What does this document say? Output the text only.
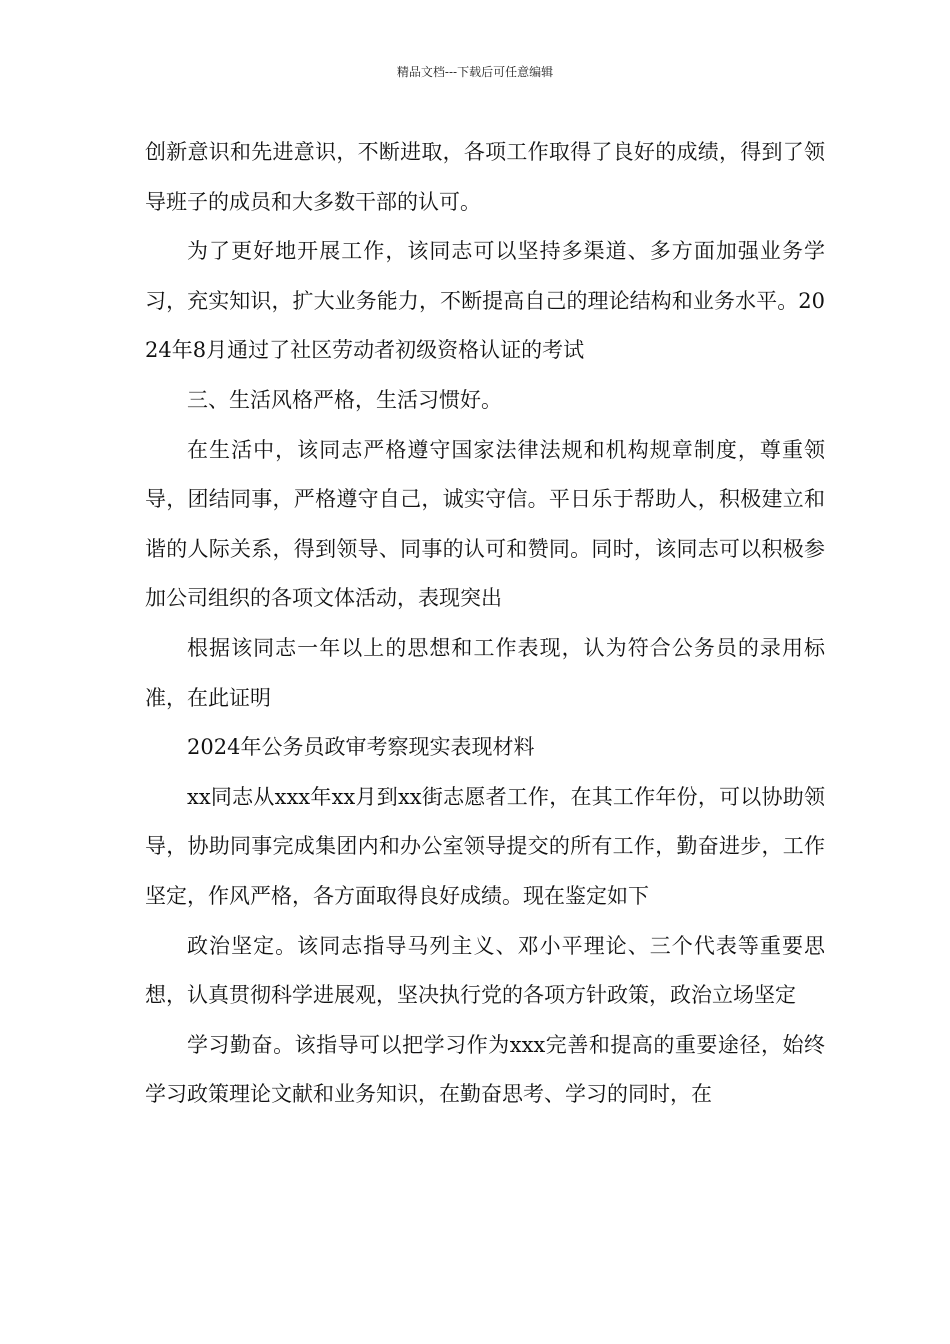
精品文档---下载后可任意编辑

创新意识和先进意识，不断进取，各项工作取得了良好的成绩，得到了领导班子的成员和大多数干部的认可。

为了更好地开展工作，该同志可以坚持多渠道、多方面加强业务学习，充实知识，扩大业务能力，不断提高自己的理论结构和业务水平。2024年8月通过了社区劳动者初级资格认证的考试

三、生活风格严格，生活习惯好。

在生活中，该同志严格遵守国家法律法规和机构规章制度，尊重领导，团结同事，严格遵守自己，诚实守信。平日乐于帮助人，积极建立和谐的人际关系，得到领导、同事的认可和赞同。同时，该同志可以积极参加公司组织的各项文体活动，表现突出

根据该同志一年以上的思想和工作表现，认为符合公务员的录用标准，在此证明

2024年公务员政审考察现实表现材料

xx同志从xxx年xx月到xx街志愿者工作，在其工作年份，可以协助领导，协助同事完成集团内和办公室领导提交的所有工作，勤奋进步，工作坚定，作风严格，各方面取得良好成绩。现在鉴定如下

政治坚定。该同志指导马列主义、邓小平理论、三个代表等重要思想，认真贯彻科学进展观，坚决执行党的各项方针政策，政治立场坚定

学习勤奋。该指导可以把学习作为xxx完善和提高的重要途径，始终学习政策理论文献和业务知识，在勤奋思考、学习的同时，在
